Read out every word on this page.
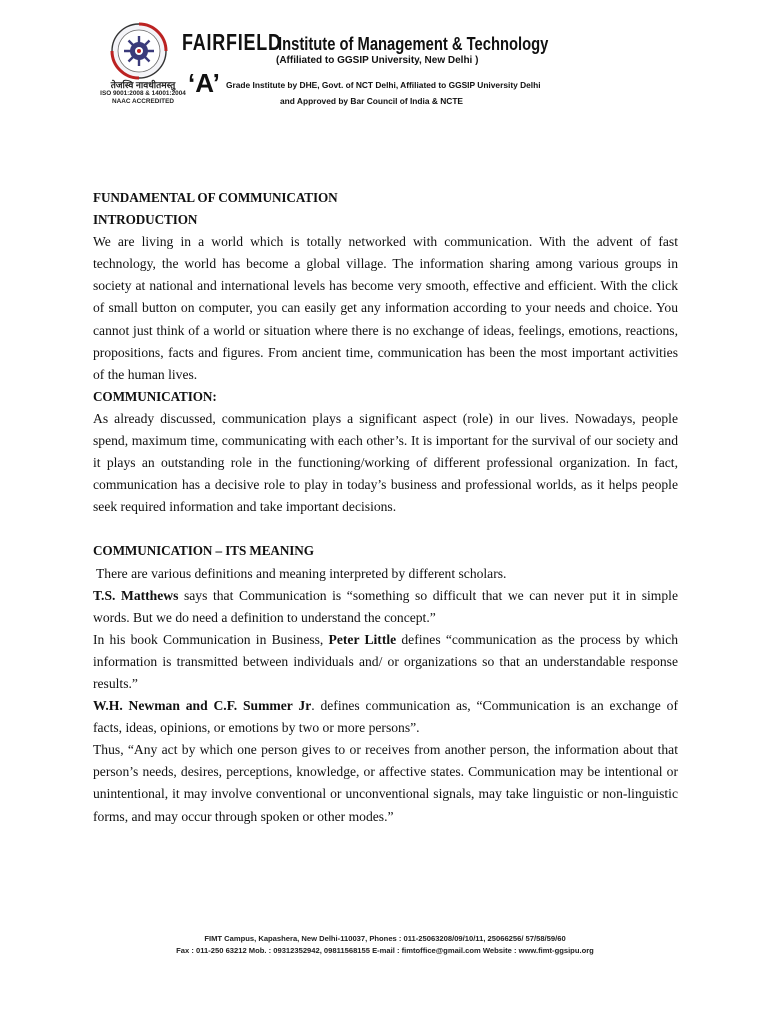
तेजस्वि नावधीतमस्तु
ISO 9001:2008 & 14001:2004
NAAC ACCREDITED
FAIRFIELD Institute of Management & Technology
(Affiliated to GGSIP University, New Delhi )
‘A’ Grade Institute by DHE, Govt. of NCT Delhi, Affiliated to GGSIP University Delhi
and Approved by Bar Council of India & NCTE

FUNDAMENTAL OF COMMUNICATION

INTRODUCTION

We are living in a world which is totally networked with communication. With the advent of fast technology, the world has become a global village. The information sharing among various groups in society at national and international levels has become very smooth, effective and efficient. With the click of small button on computer, you can easily get any information according to your needs and choice. You cannot just think of a world or situation where there is no exchange of ideas, feelings, emotions, reactions, propositions, facts and figures. From ancient time, communication has been the most important activities of the human lives.

COMMUNICATION:

As already discussed, communication plays a significant aspect (role) in our lives. Nowadays, people spend, maximum time, communicating with each other’s. It is important for the survival of our society and it plays an outstanding role in the functioning/working of different professional organization. In fact, communication has a decisive role to play in today’s business and professional worlds, as it helps people seek required information and take important decisions.

COMMUNICATION – ITS MEANING

There are various definitions and meaning interpreted by different scholars.

T.S. Matthews says that Communication is “something so difficult that we can never put it in simple words. But we do need a definition to understand the concept.”

In his book Communication in Business, Peter Little defines “communication as the process by which information is transmitted between individuals and/ or organizations so that an understandable response results.”

W.H. Newman and C.F. Summer Jr. defines communication as, “Communication is an exchange of facts, ideas, opinions, or emotions by two or more persons”.

Thus, “Any act by which one person gives to or receives from another person, the information about that person’s needs, desires, perceptions, knowledge, or affective states. Communication may be intentional or unintentional, it may involve conventional or unconventional signals, may take linguistic or non-linguistic forms, and may occur through spoken or other modes.”

FIMT Campus, Kapashera, New Delhi-110037, Phones : 011-25063208/09/10/11, 25066256/ 57/58/59/60
Fax : 011-250 63212 Mob. : 09312352942, 09811568155 E-mail : fimtoffice@gmail.com Website : www.fimt-ggsipu.org
